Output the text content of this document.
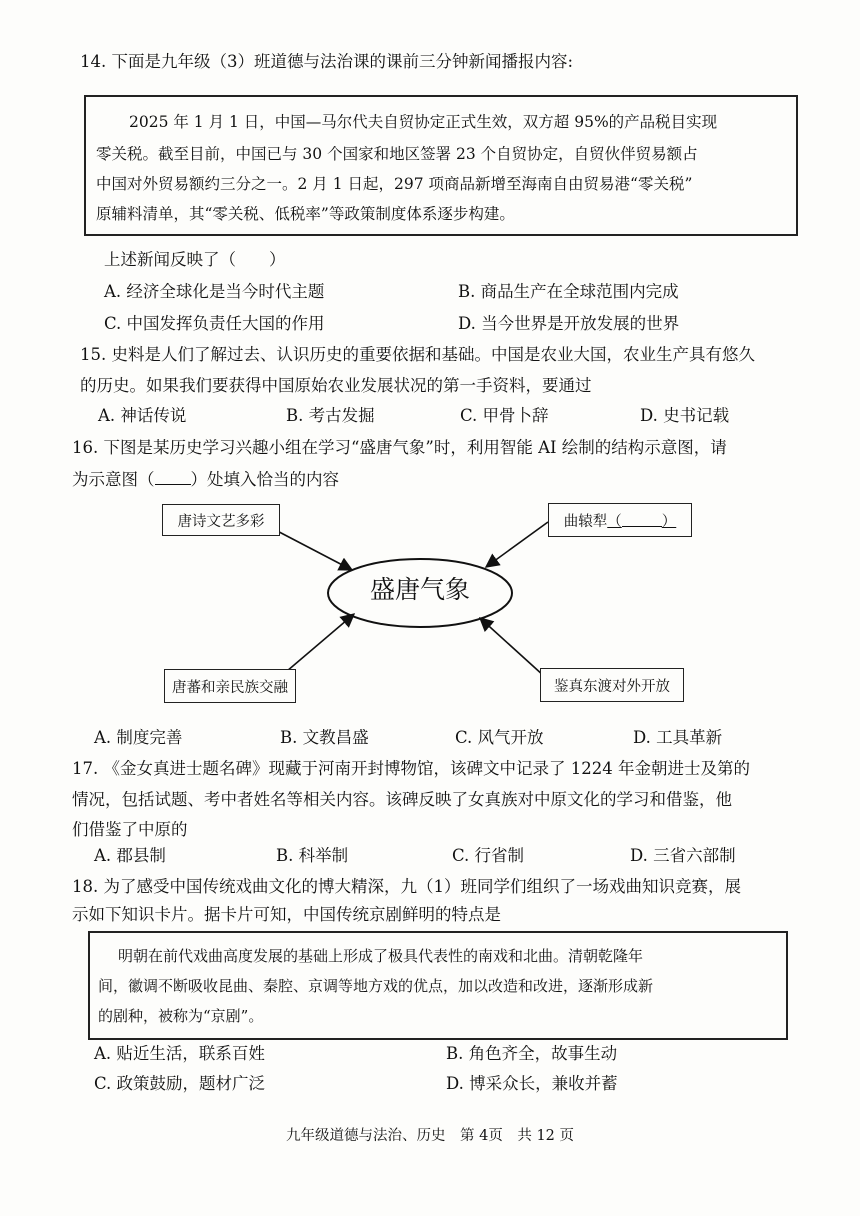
14. 下面是九年级（3）班道德与法治课的课前三分钟新闻播报内容:
2025 年 1 月 1 日，中国—马尔代夫自贸协定正式生效，双方超 95%的产品税目实现
零关税。截至目前，中国已与 30 个国家和地区签署 23 个自贸协定，自贸伙伴贸易额占
中国对外贸易额约三分之一。2 月 1 日起，297 项商品新增至海南自由贸易港“零关税”
原辅料清单，其“零关税、低税率”等政策制度体系逐步构建。
上述新闻反映了（　　）
A. 经济全球化是当今时代主题	B. 商品生产在全球范围内完成
C. 中国发挥负责任大国的作用	D. 当今世界是开放发展的世界
15. 史料是人们了解过去、认识历史的重要依据和基础。中国是农业大国，农业生产具有悠久
的历史。如果我们要获得中国原始农业发展状况的第一手资料，要通过
A. 神话传说	B. 考古发掘	C. 甲骨卜辞	D. 史书记载
16. 下图是某历史学习兴趣小组在学习“盛唐气象”时，利用智能 AI 绘制的结构示意图，请
为示意图（ ）处填入恰当的内容
盛唐气象
唐诗文艺多彩	曲辕犁 （	）
唐蕃和亲民族交融	鉴真东渡对外开放
A. 制度完善	B. 文教昌盛	C. 风气开放	D. 工具革新
17. 《金女真进士题名碑》现藏于河南开封博物馆，该碑文中记录了 1224 年金朝进士及第的
情况，包括试题、考中者姓名等相关内容。该碑反映了女真族对中原文化的学习和借鉴，他
们借鉴了中原的
A. 郡县制	B. 科举制	C. 行省制	D. 三省六部制
18. 为了感受中国传统戏曲文化的博大精深，九（1）班同学们组织了一场戏曲知识竞赛，展
示如下知识卡片。据卡片可知，中国传统京剧鲜明的特点是
明朝在前代戏曲高度发展的基础上形成了极具代表性的南戏和北曲。清朝乾隆年
间，徽调不断吸收昆曲、秦腔、京调等地方戏的优点，加以改造和改进，逐渐形成新
的剧种，被称为“京剧”。
A. 贴近生活，联系百姓	B. 角色齐全，故事生动
C. 政策鼓励，题材广泛	D. 博采众长，兼收并蓄
九年级道德与法治、历史　第 4页　共 12 页
